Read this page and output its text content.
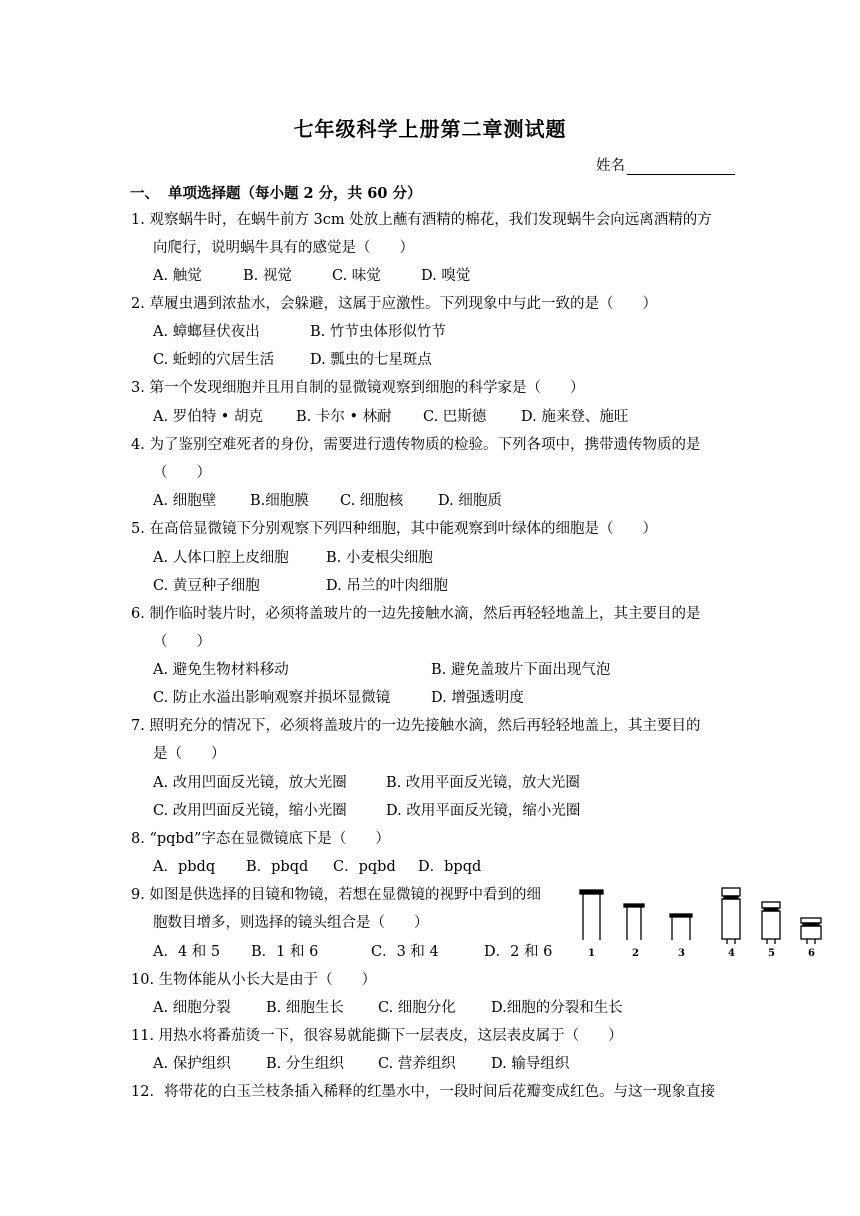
七年级科学上册第二章测试题
姓名
一、 单项选择题（每小题 2 分，共 60 分）
1. 观察蜗牛时，在蜗牛前方 3cm 处放上蘸有酒精的棉花，我们发现蜗牛会向远离酒精的方
向爬行，说明蜗牛具有的感觉是（　　）
A. 触觉	B. 视觉	C. 味觉	D. 嗅觉
2. 草履虫遇到浓盐水，会躲避，这属于应激性。下列现象中与此一致的是（　　）
A. 蟑螂昼伏夜出	B. 竹节虫体形似竹节
C. 蚯蚓的穴居生活 D. 瓢虫的七星斑点
3. 第一个发现细胞并且用自制的显微镜观察到细胞的科学家是（　　）
A. 罗伯特 • 胡克 B. 卡尔 • 林耐 C. 巴斯德 D. 施来登、施旺
4. 为了鉴别空难死者的身份，需要进行遗传物质的检验。下列各项中，携带遗传物质的是
（　　）
A. 细胞壁 B.细胞膜 C. 细胞核 D. 细胞质
5. 在高倍显微镜下分别观察下列四种细胞，其中能观察到叶绿体的细胞是（　　）
A. 人体口腔上皮细胞	B. 小麦根尖细胞
C. 黄豆种子细胞	D. 吊兰的叶肉细胞
6. 制作临时装片时，必须将盖玻片的一边先接触水滴，然后再轻轻地盖上，其主要目的是
（　　）
A. 避免生物材料移动	B. 避免盖玻片下面出现气泡
C. 防止水溢出影响观察并损坏显微镜	D. 增强透明度
7. 照明充分的情况下，必须将盖玻片的一边先接触水滴，然后再轻轻地盖上，其主要目的
是（　　）
A. 改用凹面反光镜，放大光圈	B. 改用平面反光镜，放大光圈
C. 改用凹面反光镜，缩小光圈	D. 改用平面反光镜，缩小光圈
8. “pqbd”字态在显微镜底下是（　　）
A．pbdq B．pbqd C．pqbd D．bpqd
9. 如图是供选择的目镜和物镜，若想在显微镜的视野中看到的细
胞数目增多，则选择的镜头组合是（　　）
A．4 和 5 B．1 和 6	C．3 和 4	D．2 和 6	1	2	3	4	5	6
10. 生物体能从小长大是由于（　　）
A. 细胞分裂 B. 细胞生长 C. 细胞分化 D.细胞的分裂和生长
11. 用热水将番茄烫一下，很容易就能撕下一层表皮，这层表皮属于（　　）
A. 保护组织 B. 分生组织 C. 营养组织 D. 输导组织
12．将带花的白玉兰枝条插入稀释的红墨水中，一段时间后花瓣变成红色。与这一现象直接
